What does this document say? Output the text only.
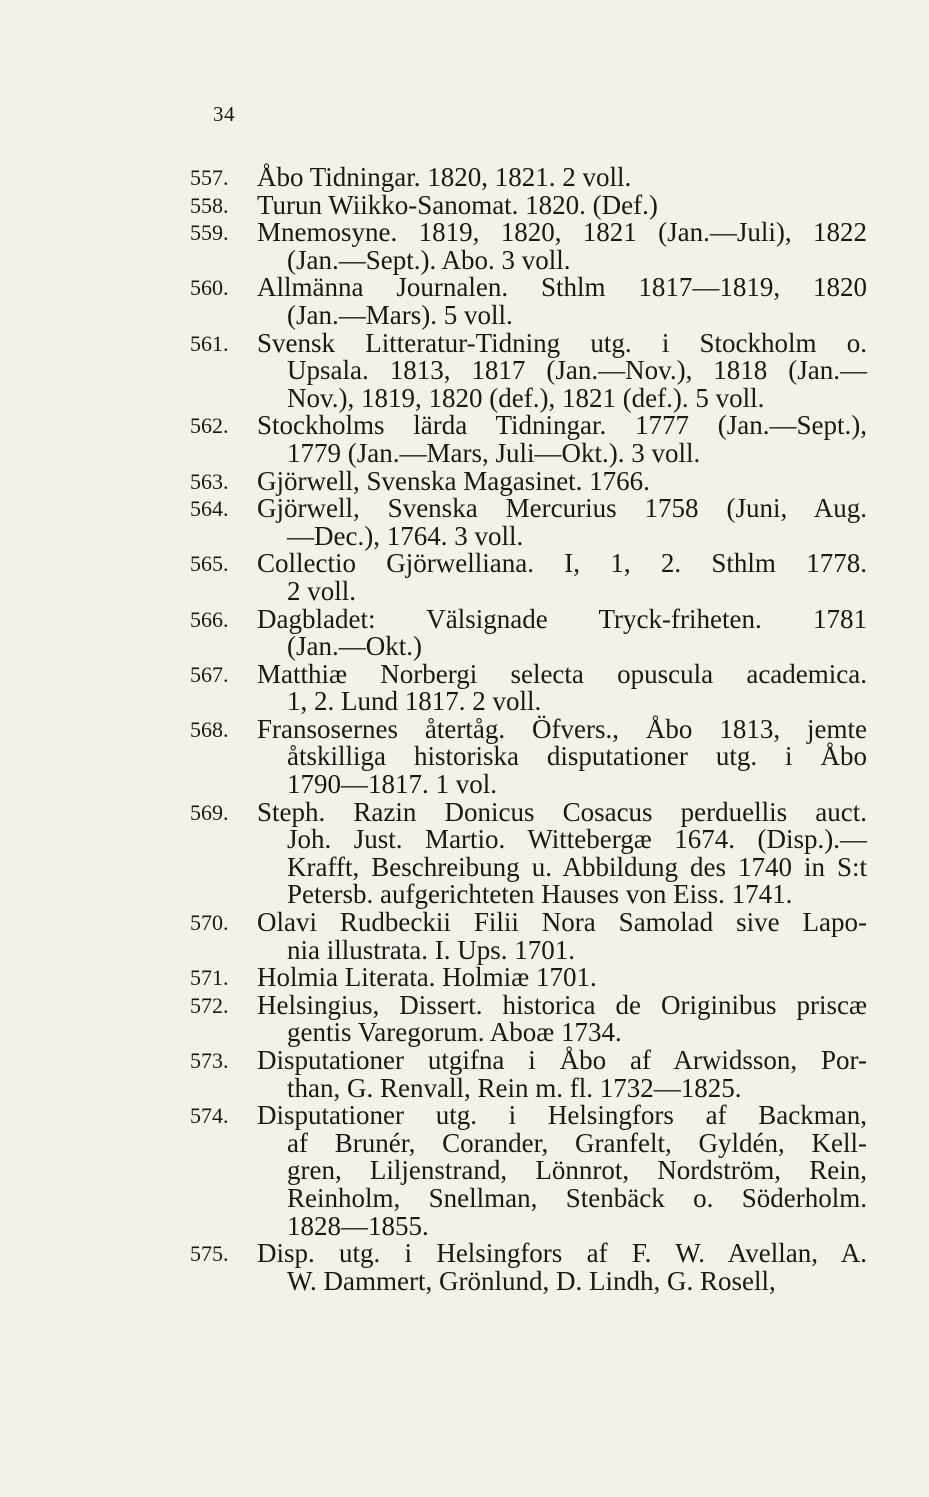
34
557.	Åbo Tidningar. 1820, 1821. 2 voll.
558.	Turun Wiikko-Sanomat. 1820. (Def.)
559.	Mnemosyne. 1819, 1820, 1821 (Jan.—Juli), 1822
(Jan.—Sept.). Abo. 3 voll.
560.	Allmänna Journalen. Sthlm 1817—1819, 1820
(Jan.—Mars). 5 voll.
561.	Svensk Litteratur-Tidning utg. i Stockholm o.
Upsala. 1813, 1817 (Jan.—Nov.), 1818 (Jan.—
Nov.), 1819, 1820 (def.), 1821 (def.). 5 voll.
562.	Stockholms lärda Tidningar. 1777 (Jan.—Sept.),
1779 (Jan.—Mars, Juli—Okt.). 3 voll.
563.	Gjörwell, Svenska Magasinet. 1766.
564.	Gjörwell, Svenska Mercurius 1758 (Juni, Aug.
—Dec.), 1764. 3 voll.
565.	Collectio Gjörwelliana. I, 1, 2. Sthlm 1778.
2 voll.
566.	Dagbladet: Välsignade Tryck-friheten. 1781
(Jan.—Okt.)
567.	Matthiæ Norbergi selecta opuscula academica.
1, 2. Lund 1817. 2 voll.
568.	Fransosernes återtåg. Öfvers., Åbo 1813, jemte
åtskilliga historiska disputationer utg. i Åbo
1790—1817. 1 vol.
569.	Steph. Razin Donicus Cosacus perduellis auct.
Joh. Just. Martio. Wittebergæ 1674. (Disp.).—
Krafft, Beschreibung u. Abbildung des 1740 in S:t
Petersb. aufgerichteten Hauses von Eiss. 1741.
570.	Olavi Rudbeckii Filii Nora Samolad sive Lapo-
nia illustrata. I. Ups. 1701.
571.	Holmia Literata. Holmiæ 1701.
572.	Helsingius, Dissert. historica de Originibus priscæ
gentis Varegorum. Aboæ 1734.
573.	Disputationer utgifna i Åbo af Arwidsson, Por-
than, G. Renvall, Rein m. fl. 1732—1825.
574.	Disputationer utg. i Helsingfors af Backman,
af Brunér, Corander, Granfelt, Gyldén, Kell-
gren, Liljenstrand, Lönnrot, Nordström, Rein,
Reinholm, Snellman, Stenbäck o. Söderholm.
1828—1855.
575.	Disp. utg. i Helsingfors af F. W. Avellan, A.
W. Dammert, Grönlund, D. Lindh, G. Rosell,
